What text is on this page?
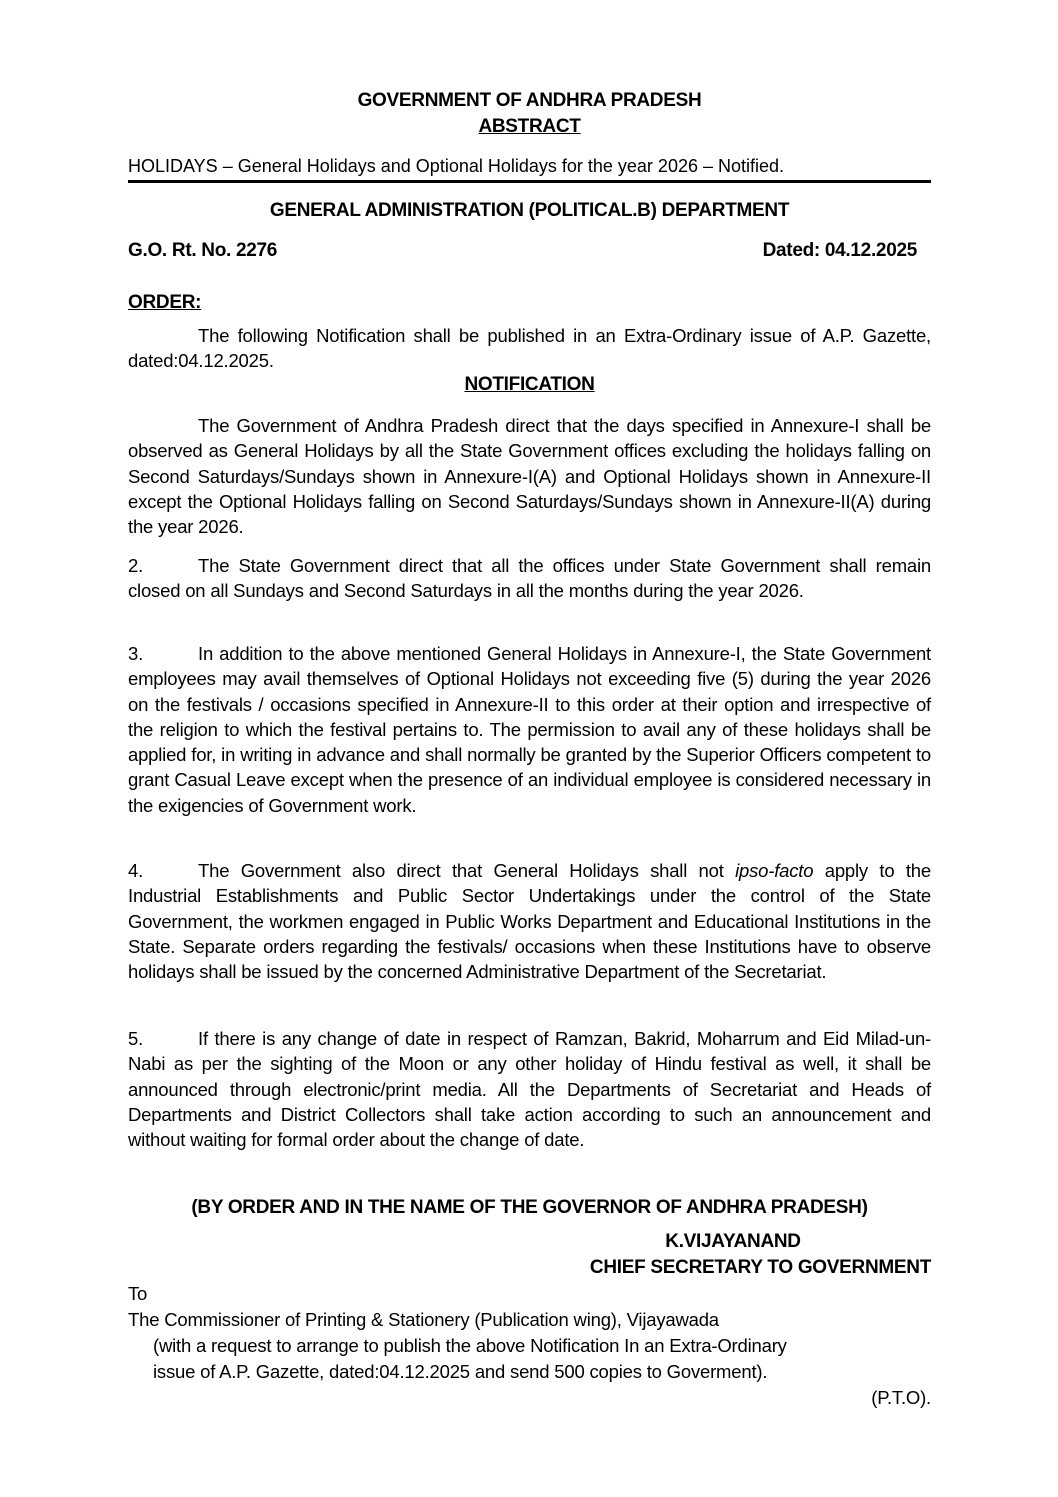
GOVERNMENT OF ANDHRA PRADESH
ABSTRACT
HOLIDAYS – General Holidays and Optional Holidays for the year 2026 – Notified.
GENERAL ADMINISTRATION (POLITICAL.B) DEPARTMENT
G.O. Rt. No. 2276	Dated: 04.12.2025
ORDER:
The following Notification shall be published in an Extra-Ordinary issue of A.P. Gazette, dated:04.12.2025.
NOTIFICATION
The Government of Andhra Pradesh direct that the days specified in Annexure-I shall be observed as General Holidays by all the State Government offices excluding the holidays falling on Second Saturdays/Sundays shown in Annexure-I(A) and Optional Holidays shown in Annexure-II except the Optional Holidays falling on Second Saturdays/Sundays shown in Annexure-II(A) during the year 2026.
2.	The State Government direct that all the offices under State Government shall remain closed on all Sundays and Second Saturdays in all the months during the year 2026.
3.	In addition to the above mentioned General Holidays in Annexure-I, the State Government employees may avail themselves of Optional Holidays not exceeding five (5) during the year 2026 on the festivals / occasions specified in Annexure-II to this order at their option and irrespective of the religion to which the festival pertains to. The permission to avail any of these holidays shall be applied for, in writing in advance and shall normally be granted by the Superior Officers competent to grant Casual Leave except when the presence of an individual employee is considered necessary in the exigencies of Government work.
4.	The Government also direct that General Holidays shall not ipso-facto apply to the Industrial Establishments and Public Sector Undertakings under the control of the State Government, the workmen engaged in Public Works Department and Educational Institutions in the State. Separate orders regarding the festivals/ occasions when these Institutions have to observe holidays shall be issued by the concerned Administrative Department of the Secretariat.
5.	If there is any change of date in respect of Ramzan, Bakrid, Moharrum and Eid Milad-un-Nabi as per the sighting of the Moon or any other holiday of Hindu festival as well, it shall be announced through electronic/print media. All the Departments of Secretariat and Heads of Departments and District Collectors shall take action according to such an announcement and without waiting for formal order about the change of date.
(BY ORDER AND IN THE NAME OF THE GOVERNOR OF ANDHRA PRADESH)
K.VIJAYANAND
CHIEF SECRETARY TO GOVERNMENT
To
The Commissioner of Printing & Stationery (Publication wing), Vijayawada
(with a request to arrange to publish the above Notification In an Extra-Ordinary
issue of A.P. Gazette, dated:04.12.2025 and send 500 copies to Goverment).
(P.T.O).
